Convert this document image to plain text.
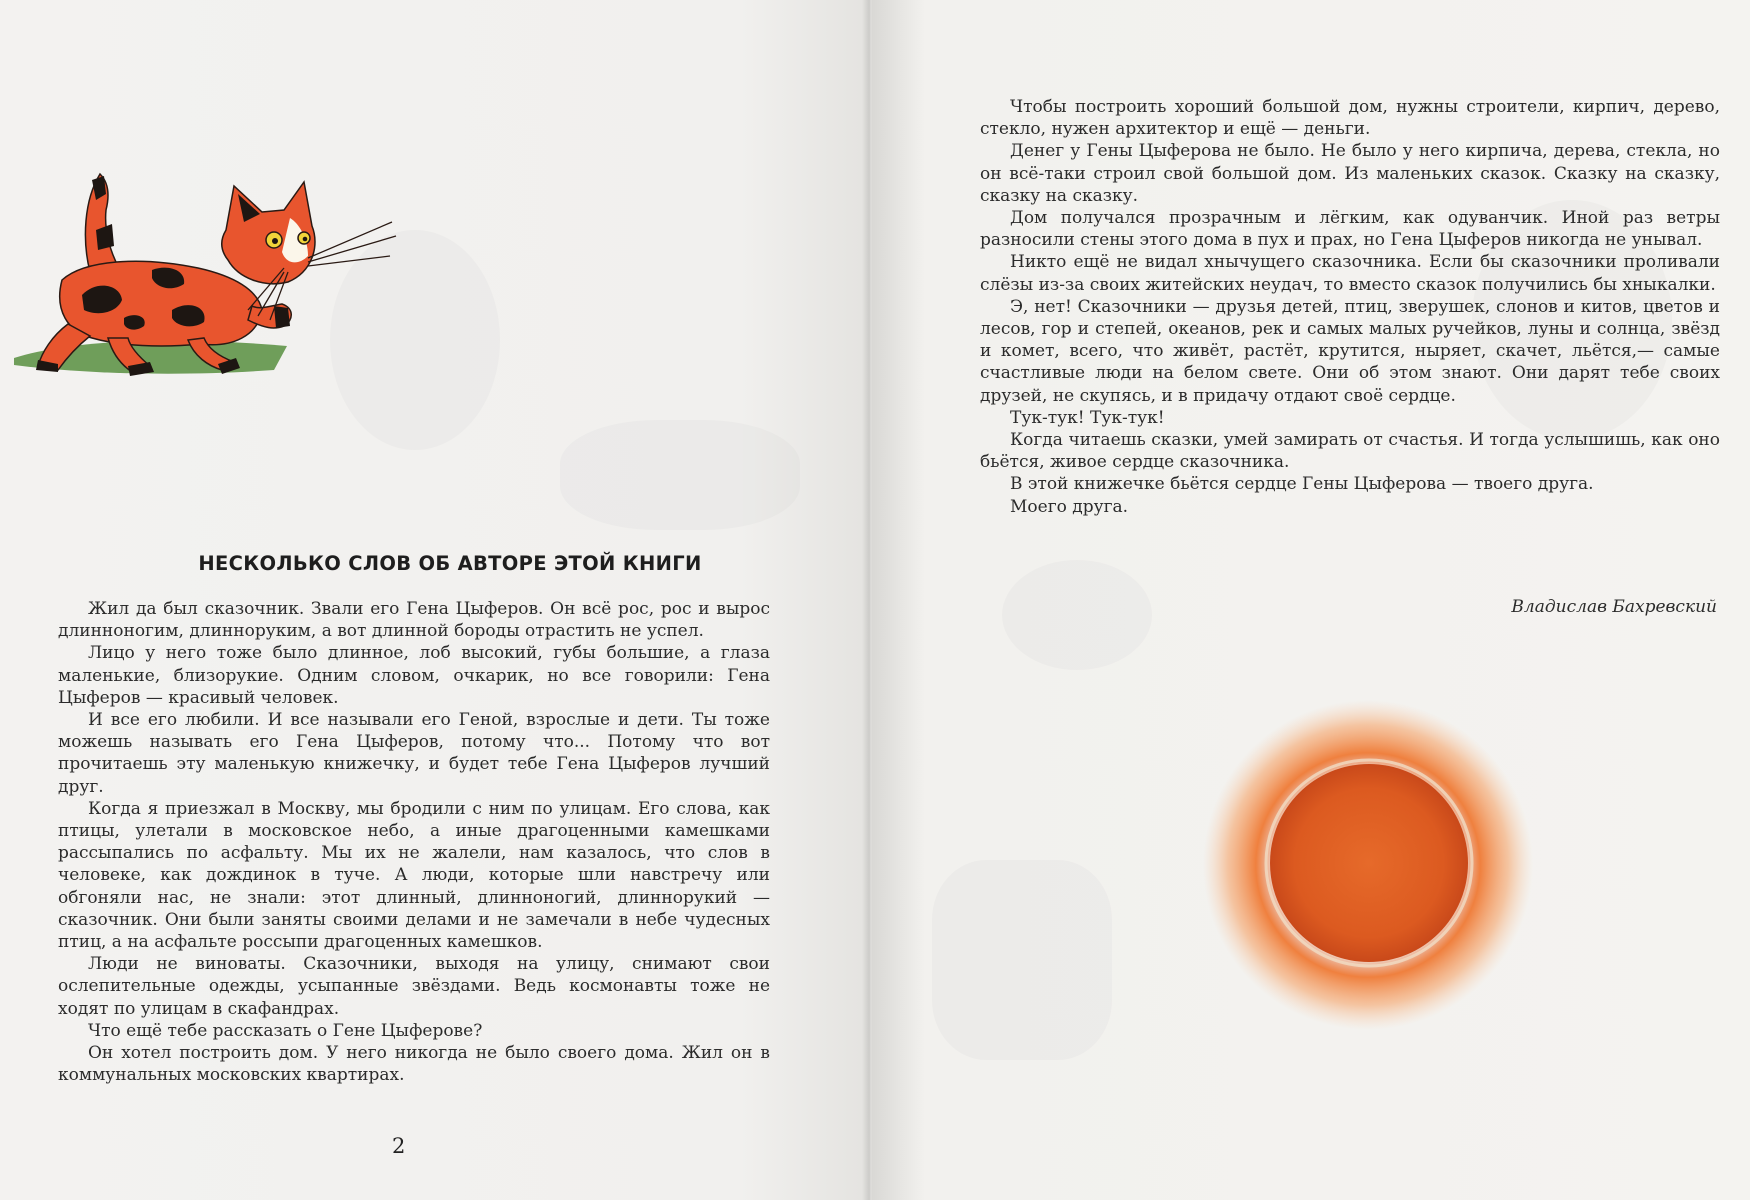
НЕСКОЛЬКО СЛОВ ОБ АВТОРЕ ЭТОЙ КНИГИ

Жил да был сказочник. Звали его Гена Цыферов. Он всё рос, рос и вырос длинноногим, длинноруким, а вот длинной бороды отрастить не успел.

Лицо у него тоже было длинное, лоб высокий, губы большие, а глаза маленькие, близорукие. Одним словом, очкарик, но все говорили: Гена Цыферов — красивый человек.

И все его любили. И все называли его Геной, взрослые и дети. Ты тоже можешь называть его Гена Цыферов, потому что... Потому что вот прочитаешь эту маленькую книжечку, и будет тебе Гена Цыферов лучший друг.

Когда я приезжал в Москву, мы бродили с ним по улицам. Его слова, как птицы, улетали в московское небо, а иные драгоценными камешками рассыпались по асфальту. Мы их не жалели, нам казалось, что слов в человеке, как дождинок в туче. А люди, которые шли навстречу или обгоняли нас, не знали: этот длинный, длинноногий, длиннорукий — сказочник. Они были заняты своими делами и не замечали в небе чудесных птиц, а на асфальте россыпи драгоценных камешков.

Люди не виноваты. Сказочники, выходя на улицу, снимают свои ослепительные одежды, усыпанные звёздами. Ведь космонавты тоже не ходят по улицам в скафандрах.

Что ещё тебе рассказать о Гене Цыферове?

Он хотел построить дом. У него никогда не было своего дома. Жил он в коммунальных московских квартирах.

2

Чтобы построить хороший большой дом, нужны строители, кирпич, дерево, стекло, нужен архитектор и ещё — деньги.

Денег у Гены Цыферова не было. Не было у него кирпича, дерева, стекла, но он всё-таки строил свой большой дом. Из маленьких сказок. Сказку на сказку, сказку на сказку.

Дом получался прозрачным и лёгким, как одуванчик. Иной раз ветры разносили стены этого дома в пух и прах, но Гена Цыферов никогда не унывал.

Никто ещё не видал хнычущего сказочника. Если бы сказочники проливали слёзы из-за своих житейских неудач, то вместо сказок получились бы хныкалки.

Э, нет! Сказочники — друзья детей, птиц, зверушек, слонов и китов, цветов и лесов, гор и степей, океанов, рек и самых малых ручейков, луны и солнца, звёзд и комет, всего, что живёт, растёт, крутится, ныряет, скачет, льётся,— самые счастливые люди на белом свете. Они об этом знают. Они дарят тебе своих друзей, не скупясь, и в придачу отдают своё сердце.

Тук-тук! Тук-тук!

Когда читаешь сказки, умей замирать от счастья. И тогда услышишь, как оно бьётся, живое сердце сказочника.

В этой книжечке бьётся сердце Гены Цыферова — твоего друга.

Моего друга.

Владислав Бахревский
